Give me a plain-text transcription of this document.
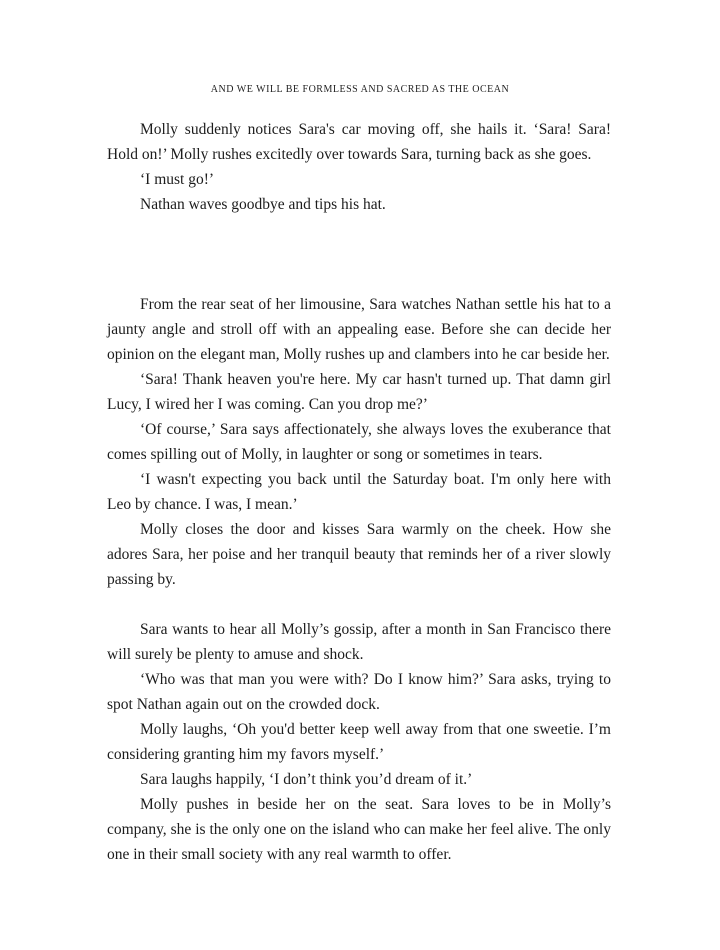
AND WE WILL BE FORMLESS AND SACRED AS THE OCEAN

Molly suddenly notices Sara's car moving off, she hails it. ‘Sara! Sara! Hold on!’ Molly rushes excitedly over towards Sara, turning back as she goes.

‘I must go!’

Nathan waves goodbye and tips his hat.

From the rear seat of her limousine, Sara watches Nathan settle his hat to a jaunty angle and stroll off with an appealing ease. Before she can decide her opinion on the elegant man, Molly rushes up and clambers into he car beside her.

‘Sara! Thank heaven you're here. My car hasn't turned up. That damn girl Lucy, I wired her I was coming. Can you drop me?’

‘Of course,’ Sara says affectionately, she always loves the exuberance that comes spilling out of Molly, in laughter or song or sometimes in tears.

‘I wasn't expecting you back until the Saturday boat. I'm only here with Leo by chance. I was, I mean.’

Molly closes the door and kisses Sara warmly on the cheek. How she adores Sara, her poise and her tranquil beauty that reminds her of a river slowly passing by.

Sara wants to hear all Molly’s gossip, after a month in San Francisco there will surely be plenty to amuse and shock.

‘Who was that man you were with? Do I know him?’ Sara asks, trying to spot Nathan again out on the crowded dock.

Molly laughs, ‘Oh you'd better keep well away from that one sweetie. I’m considering granting him my favors myself.’

Sara laughs happily, ‘I don’t think you’d dream of it.’

Molly pushes in beside her on the seat. Sara loves to be in Molly’s company, she is the only one on the island who can make her feel alive. The only one in their small society with any real warmth to offer.
